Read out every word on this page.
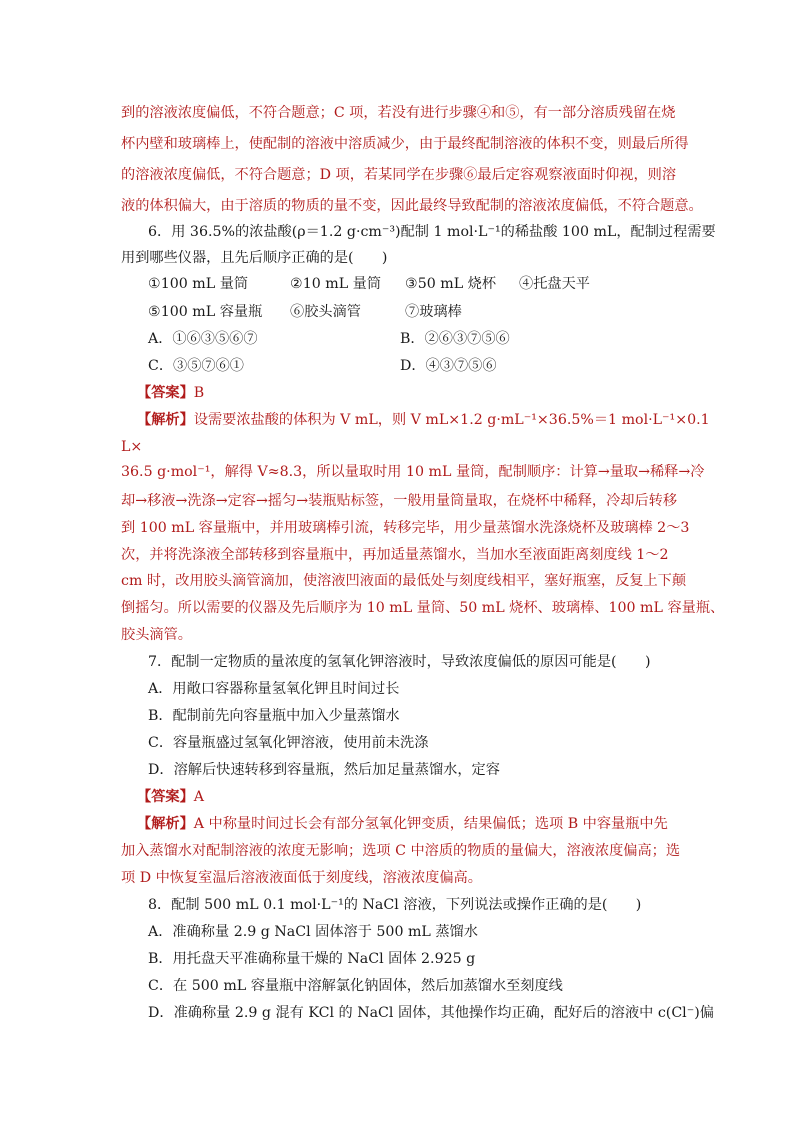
到的溶液浓度偏低，不符合题意；C 项，若没有进行步骤④和⑤，有一部分溶质残留在烧
杯内壁和玻璃棒上，使配制的溶液中溶质减少，由于最终配制溶液的体积不变，则最后所得
的溶液浓度偏低，不符合题意；D 项，若某同学在步骤⑥最后定容观察液面时仰视，则溶
液的体积偏大，由于溶质的物质的量不变，因此最终导致配制的溶液浓度偏低，不符合题意。
6．用 36.5%的浓盐酸(ρ＝1.2 g·cm⁻³)配制 1 mol·L⁻¹的稀盐酸 100 mL，配制过程需要
用到哪些仪器，且先后顺序正确的是(　　)
①100 mL 量筒	②10 mL 量筒 ③50 mL 烧杯 ④托盘天平
⑤100 mL 容量瓶 ⑥胶头滴管	⑦玻璃棒
A．①⑥③⑤⑥⑦	B．②⑥③⑦⑤⑥
C．③⑤⑦⑥①	D．④③⑦⑤⑥
【答案】B
【解析】设需要浓盐酸的体积为 V mL，则 V mL×1.2 g·mL⁻¹×36.5%＝1 mol·L⁻¹×0.1
L×
36.5 g·mol⁻¹，解得 V≈8.3，所以量取时用 10 mL 量筒，配制顺序：计算→量取→稀释→冷
却→移液→洗涤→定容→摇匀→装瓶贴标签，一般用量筒量取，在烧杯中稀释，冷却后转移
到 100 mL 容量瓶中，并用玻璃棒引流，转移完毕，用少量蒸馏水洗涤烧杯及玻璃棒 2～3
次，并将洗涤液全部转移到容量瓶中，再加适量蒸馏水，当加水至液面距离刻度线 1～2
cm 时，改用胶头滴管滴加，使溶液凹液面的最低处与刻度线相平，塞好瓶塞，反复上下颠
倒摇匀。所以需要的仪器及先后顺序为 10 mL 量筒、50 mL 烧杯、玻璃棒、100 mL 容量瓶、
胶头滴管。
7．配制一定物质的量浓度的氢氧化钾溶液时，导致浓度偏低的原因可能是(　　)
A．用敞口容器称量氢氧化钾且时间过长
B．配制前先向容量瓶中加入少量蒸馏水
C．容量瓶盛过氢氧化钾溶液，使用前未洗涤
D．溶解后快速转移到容量瓶，然后加足量蒸馏水，定容
【答案】A
【解析】A 中称量时间过长会有部分氢氧化钾变质，结果偏低；选项 B 中容量瓶中先
加入蒸馏水对配制溶液的浓度无影响；选项 C 中溶质的物质的量偏大，溶液浓度偏高；选
项 D 中恢复室温后溶液液面低于刻度线，溶液浓度偏高。
8．配制 500 mL 0.1 mol·L⁻¹的 NaCl 溶液，下列说法或操作正确的是(　　)
A．准确称量 2.9 g NaCl 固体溶于 500 mL 蒸馏水
B．用托盘天平准确称量干燥的 NaCl 固体 2.925 g
C．在 500 mL 容量瓶中溶解氯化钠固体，然后加蒸馏水至刻度线
D．准确称量 2.9 g 混有 KCl 的 NaCl 固体，其他操作均正确，配好后的溶液中 c(Cl⁻)偏
